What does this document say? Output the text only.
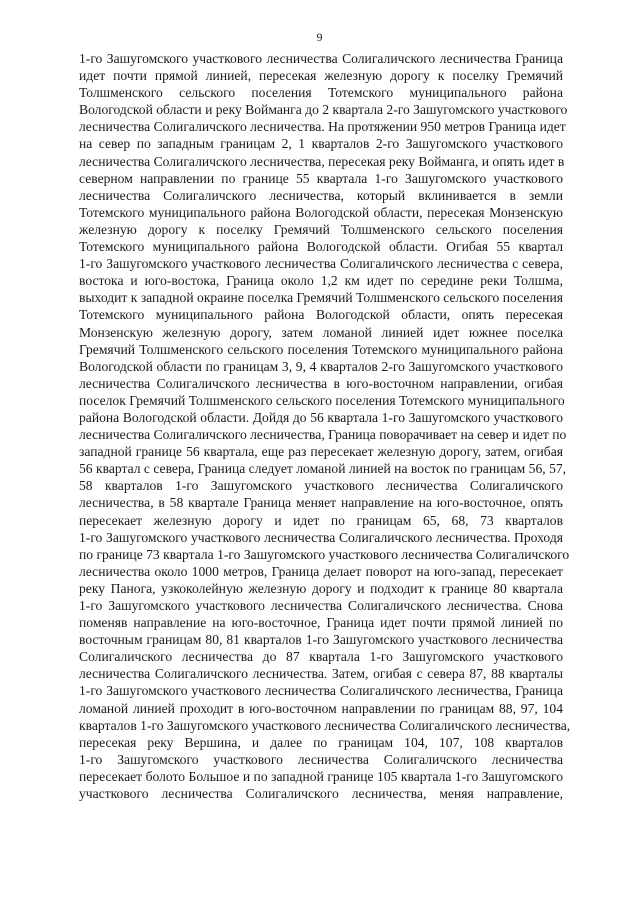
9
1-го Зашугомского участкового лесничества Солигаличского лесничества Граница
идет почти прямой линией, пересекая железную дорогу к поселку Гремячий
Толшменского сельского поселения Тотемского муниципального района
Вологодской области и реку Войманга до 2 квартала 2-го Зашугомского участкового
лесничества Солигаличского лесничества. На протяжении 950 метров Граница идет
на север по западным границам 2, 1 кварталов 2-го Зашугомского участкового
лесничества Солигаличского лесничества, пересекая реку Войманга, и опять идет в
северном направлении по границе 55 квартала 1-го Зашугомского участкового
лесничества Солигаличского лесничества, который вклинивается в земли
Тотемского муниципального района Вологодской области, пересекая Монзенскую
железную дорогу к поселку Гремячий Толшменского сельского поселения
Тотемского муниципального района Вологодской области. Огибая 55 квартал
1-го Зашугомского участкового лесничества Солигаличского лесничества с севера,
востока и юго-востока, Граница около 1,2 км идет по середине реки Толшма,
выходит к западной окраине поселка Гремячий Толшменского сельского поселения
Тотемского муниципального района Вологодской области, опять пересекая
Монзенскую железную дорогу, затем ломаной линией идет южнее поселка
Гремячий Толшменского сельского поселения Тотемского муниципального района
Вологодской области по границам 3, 9, 4 кварталов 2-го Зашугомского участкового
лесничества Солигаличского лесничества в юго-восточном направлении, огибая
поселок Гремячий Толшменского сельского поселения Тотемского муниципального
района Вологодской области. Дойдя до 56 квартала 1-го Зашугомского участкового
лесничества Солигаличского лесничества, Граница поворачивает на север и идет по
западной границе 56 квартала, еще раз пересекает железную дорогу, затем, огибая
56 квартал с севера, Граница следует ломаной линией на восток по границам 56, 57,
58 кварталов 1-го Зашугомского участкового лесничества Солигаличского
лесничества, в 58 квартале Граница меняет направление на юго-восточное, опять
пересекает железную дорогу и идет по границам 65, 68, 73 кварталов
1-го Зашугомского участкового лесничества Солигаличского лесничества. Проходя
по границе 73 квартала 1-го Зашугомского участкового лесничества Солигаличского
лесничества около 1000 метров, Граница делает поворот на юго-запад, пересекает
реку Панога, узкоколейную железную дорогу и подходит к границе 80 квартала
1-го Зашугомского участкового лесничества Солигаличского лесничества. Снова
поменяв направление на юго-восточное, Граница идет почти прямой линией по
восточным границам 80, 81 кварталов 1-го Зашугомского участкового лесничества
Солигаличского лесничества до 87 квартала 1-го Зашугомского участкового
лесничества Солигаличского лесничества. Затем, огибая с севера 87, 88 кварталы
1-го Зашугомского участкового лесничества Солигаличского лесничества, Граница
ломаной линией проходит в юго-восточном направлении по границам 88, 97, 104
кварталов 1-го Зашугомского участкового лесничества Солигаличского лесничества,
пересекая реку Вершина, и далее по границам 104, 107, 108 кварталов
1-го Зашугомского участкового лесничества Солигаличского лесничества
пересекает болото Большое и по западной границе 105 квартала 1-го Зашугомского
участкового лесничества Солигаличского лесничества, меняя направление,
